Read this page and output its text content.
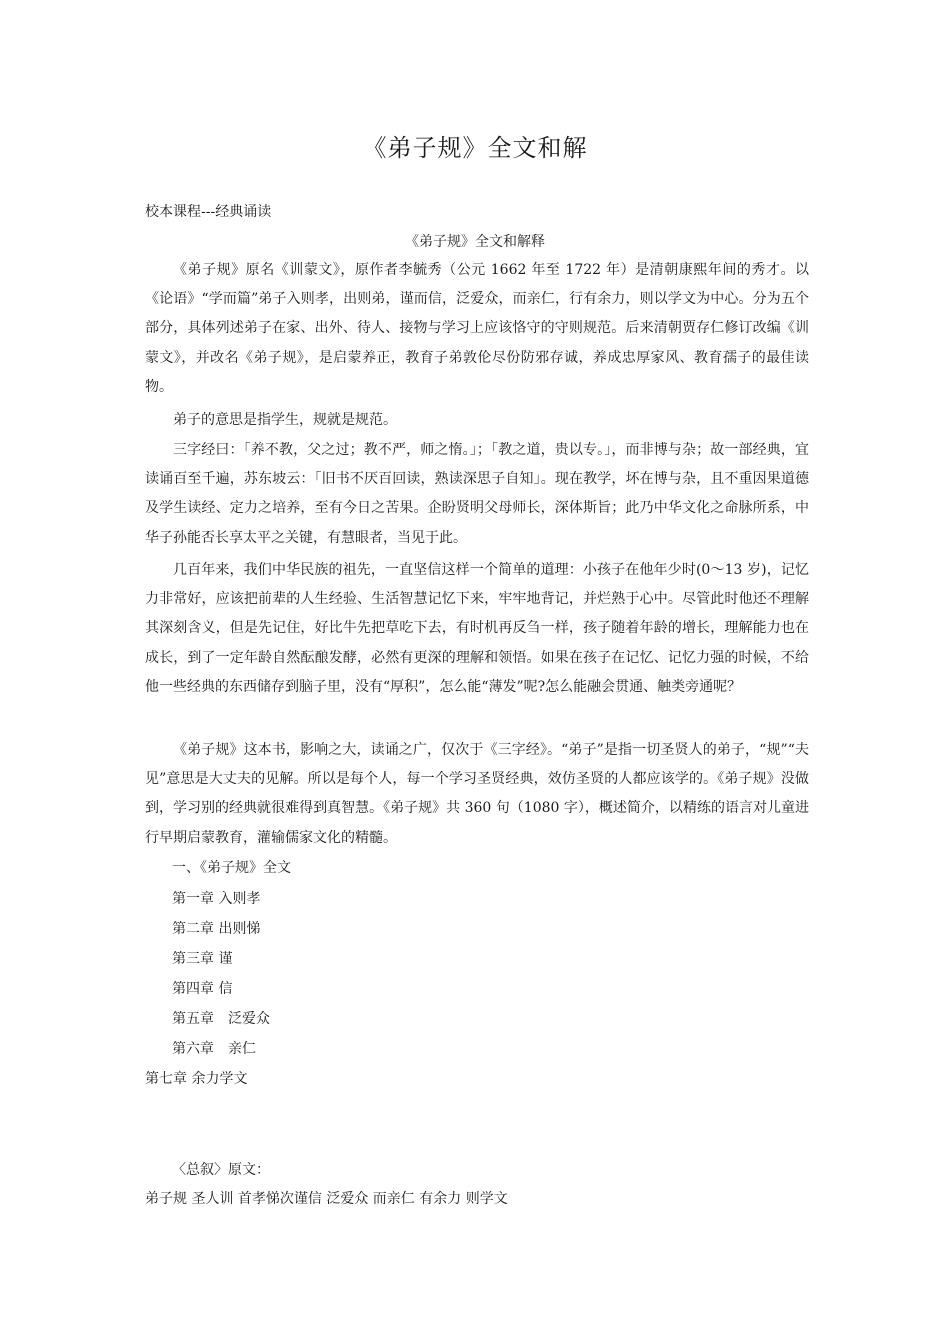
《弟子规》全文和解
校本课程---经典诵读
《弟子规》全文和解释
《弟子规》原名《训蒙文》，原作者李毓秀（公元 1662 年至 1722 年）是清朝康熙年间的秀才。以《论语》“学而篇”弟子入则孝，出则弟，谨而信，泛爱众，而亲仁，行有余力，则以学文为中心。分为五个部分，具体列述弟子在家、出外、待人、接物与学习上应该恪守的守则规范。后来清朝贾存仁修订改编《训蒙文》，并改名《弟子规》，是启蒙养正，教育子弟敦伦尽份防邪存诚，养成忠厚家风、教育孺子的最佳读物。
弟子的意思是指学生，规就是规范。
三字经曰：「养不教，父之过；教不严，师之惰。」；「教之道，贵以专。」，而非博与杂；故一部经典，宜读诵百至千遍，苏东坡云：「旧书不厌百回读，熟读深思子自知」。现在教学，坏在博与杂，且不重因果道德及学生读经、定力之培养，至有今日之苦果。企盼贤明父母师长，深体斯旨；此乃中华文化之命脉所系，中华子孙能否长享太平之关键，有慧眼者，当见于此。
几百年来，我们中华民族的祖先，一直坚信这样一个简单的道理：小孩子在他年少时(0～13 岁)，记忆力非常好，应该把前辈的人生经验、生活智慧记忆下来，牢牢地背记，并烂熟于心中。尽管此时他还不理解其深刻含义，但是先记住，好比牛先把草吃下去，有时机再反刍一样，孩子随着年龄的增长，理解能力也在成长，到了一定年龄自然酝酿发酵，必然有更深的理解和领悟。如果在孩子在记忆、记忆力强的时候，不给他一些经典的东西储存到脑子里，没有“厚积”，怎么能“薄发”呢?怎么能融会贯通、触类旁通呢？
《弟子规》这本书，影响之大，读诵之广，仅次于《三字经》。“弟子”是指一切圣贤人的弟子，“规”“夫见”意思是大丈夫的见解。所以是每个人，每一个学习圣贤经典，效仿圣贤的人都应该学的。《弟子规》没做到，学习别的经典就很难得到真智慧。《弟子规》共 360 句（1080 字），概述简介，以精练的语言对儿童进行早期启蒙教育，灌输儒家文化的精髓。
一、《弟子规》全文
第一章 入则孝
第二章 出则悌
第三章 谨
第四章 信
第五章　泛爱众
第六章　亲仁
第七章 余力学文
〈总叙〉原文：
弟子规 圣人训 首孝悌次谨信 泛爱众 而亲仁 有余力 则学文
